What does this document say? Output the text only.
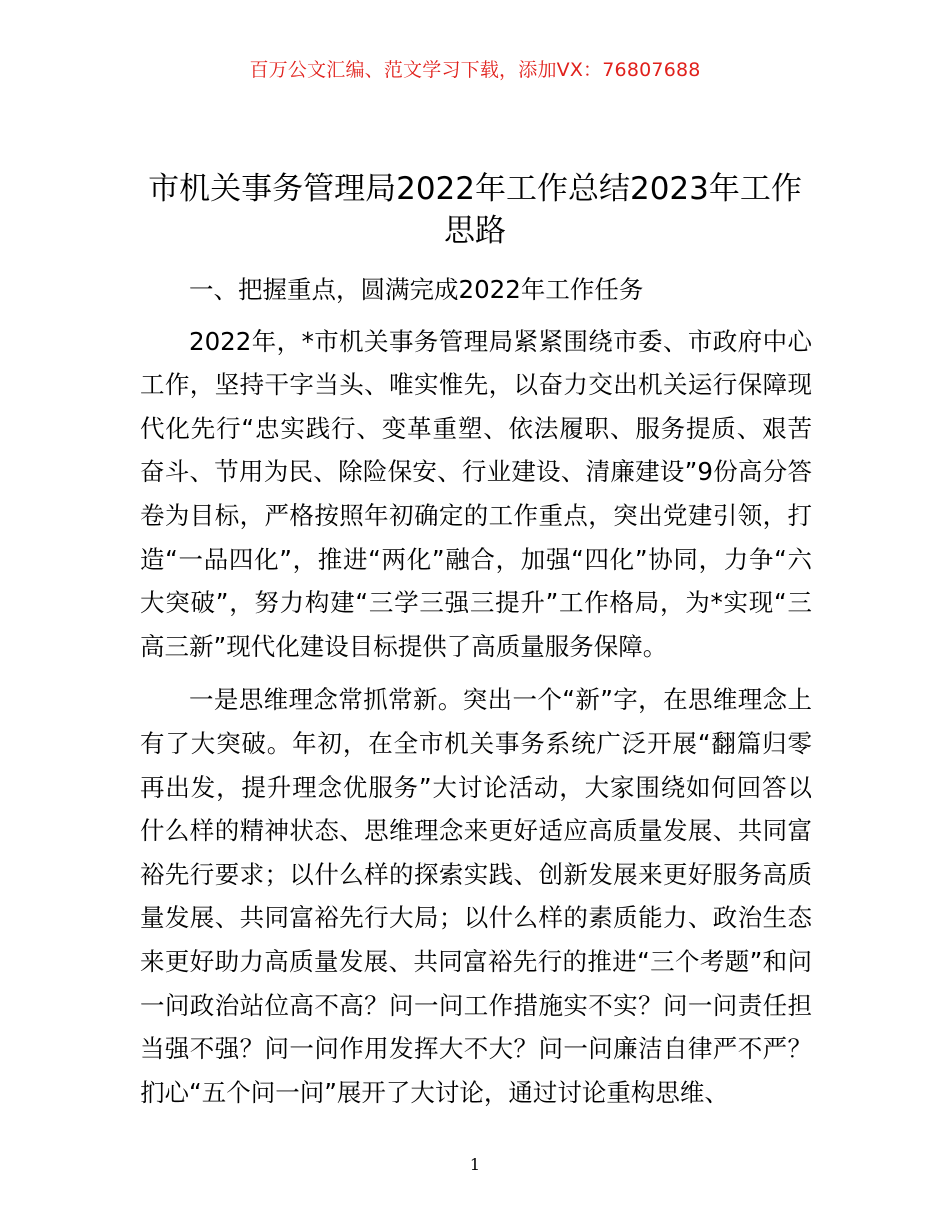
百万公文汇编、范文学习下载，添加VX：76807688
市机关事务管理局2022年工作总结2023年工作思路

一、把握重点，圆满完成2022年工作任务

2022年，*市机关事务管理局紧紧围绕市委、市政府中心工作，坚持干字当头、唯实惟先，以奋力交出机关运行保障现代化先行“忠实践行、变革重塑、依法履职、服务提质、艰苦奋斗、节用为民、除险保安、行业建设、清廉建设”9份高分答卷为目标，严格按照年初确定的工作重点，突出党建引领，打造“一品四化”，推进“两化”融合，加强“四化”协同，力争“六大突破”，努力构建“三学三强三提升”工作格局，为*实现“三高三新”现代化建设目标提供了高质量服务保障。

一是思维理念常抓常新。突出一个“新”字，在思维理念上有了大突破。年初，在全市机关事务系统广泛开展“翻篇归零再出发，提升理念优服务”大讨论活动，大家围绕如何回答以什么样的精神状态、思维理念来更好适应高质量发展、共同富裕先行要求；以什么样的探索实践、创新发展来更好服务高质量发展、共同富裕先行大局；以什么样的素质能力、政治生态来更好助力高质量发展、共同富裕先行的推进“三个考题”和问一问政治站位高不高？问一问工作措施实不实？问一问责任担当强不强？问一问作用发挥大不大？问一问廉洁自律严不严？扪心“五个问一问”展开了大讨论，通过讨论重构思维、

1
